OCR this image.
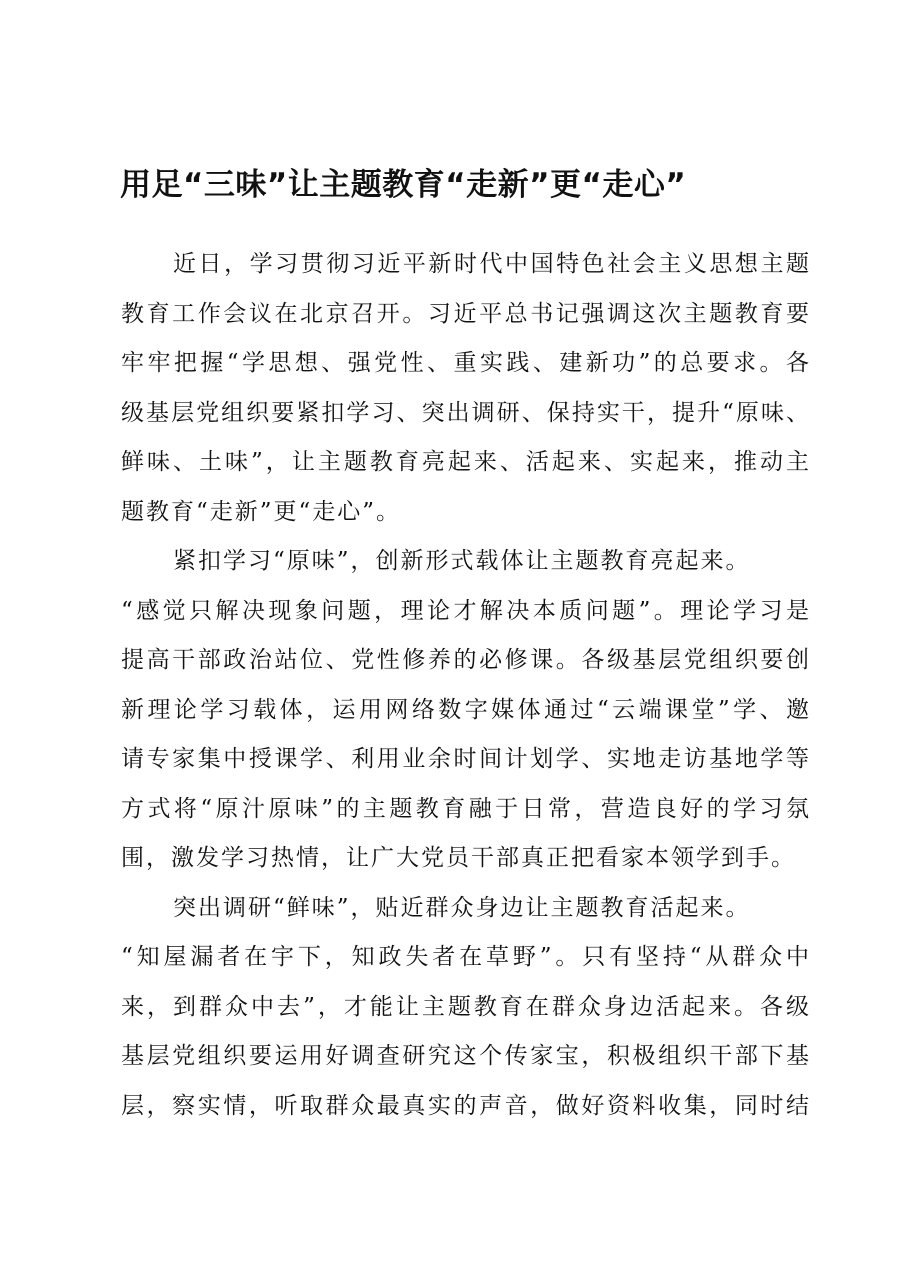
用足“三味”让主题教育“走新”更“走心”
近日，学习贯彻习近平新时代中国特色社会主义思想主题
教育工作会议在北京召开。习近平总书记强调这次主题教育要
牢牢把握“学思想、强党性、重实践、建新功”的总要求。各
级基层党组织要紧扣学习、突出调研、保持实干，提升“原味、
鲜味、土味”，让主题教育亮起来、活起来、实起来，推动主
题教育“走新”更“走心”。
紧扣学习“原味”，创新形式载体让主题教育亮起来。
“感觉只解决现象问题，理论才解决本质问题”。理论学习是
提高干部政治站位、党性修养的必修课。各级基层党组织要创
新理论学习载体，运用网络数字媒体通过“云端课堂”学、邀
请专家集中授课学、利用业余时间计划学、实地走访基地学等
方式将“原汁原味”的主题教育融于日常，营造良好的学习氛
围，激发学习热情，让广大党员干部真正把看家本领学到手。
突出调研“鲜味”，贴近群众身边让主题教育活起来。
“知屋漏者在宇下，知政失者在草野”。只有坚持“从群众中
来，到群众中去”，才能让主题教育在群众身边活起来。各级
基层党组织要运用好调查研究这个传家宝，积极组织干部下基
层，察实情，听取群众最真实的声音，做好资料收集，同时结
